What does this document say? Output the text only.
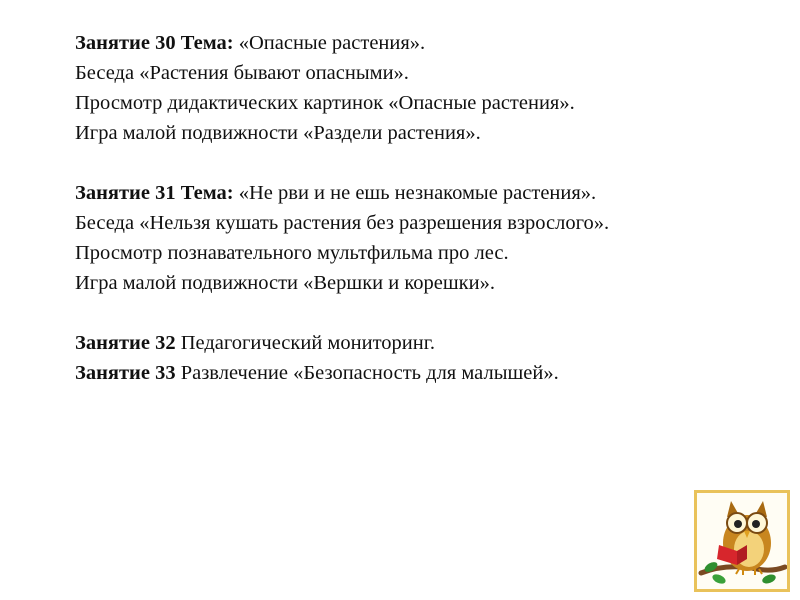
Занятие 30 Тема: «Опасные растения».
Беседа «Растения бывают опасными».
Просмотр дидактических картинок «Опасные растения».
Игра малой подвижности «Раздели растения».
Занятие 31 Тема: «Не рви и не ешь незнакомые растения».
Беседа «Нельзя кушать растения без разрешения взрослого».
Просмотр познавательного мультфильма про лес.
Игра малой подвижности «Вершки и корешки».
Занятие 32 Педагогический мониторинг.
Занятие 33 Развлечение «Безопасность для малышей».
